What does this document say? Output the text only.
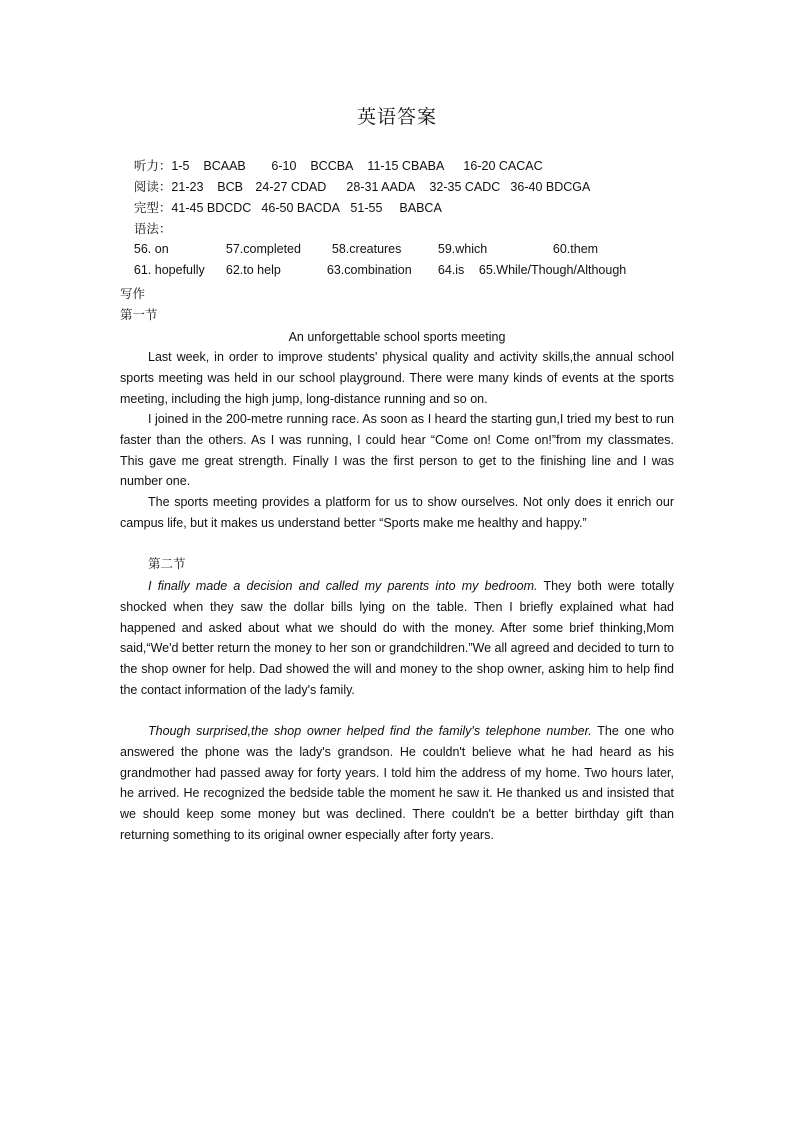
英语答案

听力：1-5    BCAAB 6-10    BCCBA 11-15 CBABA 16-20 CACAC

阅读：21-23    BCB 24-27 CDAD 28-31 AADA 32-35 CADC 36-40 BDCGA

完型：41-45 BDCDC 46-50 BACDA 51-55 BABCA

语法：

56. on	57.completed 58.creatures	59.which	60.them

61. hopefully 62.to help	63.combination 64.is 65.While/Though/Although

写作
第一节
An unforgettable school sports meeting

Last week, in order to improve students' physical quality and activity skills,the annual school sports meeting was held in our school playground. There were many kinds of events at the sports meeting, including the high jump, long-distance running and so on.

I joined in the 200-metre running race. As soon as I heard the starting gun,I tried my best to run faster than the others. As I was running, I could hear “Come on! Come on!”from my classmates. This gave me great strength. Finally I was the first person to get to the finishing line and I was number one.

The sports meeting provides a platform for us to show ourselves. Not only does it enrich our campus life, but it makes us understand better “Sports make me healthy and happy.”

第二节

I finally made a decision and called my parents into my bedroom. They both were totally shocked when they saw the dollar bills lying on the table. Then I briefly explained what had happened and asked about what we should do with the money. After some brief thinking,Mom said,“We'd better return the money to her son or grandchildren.”We all agreed and decided to turn to the shop owner for help. Dad showed the will and money to the shop owner, asking him to help find the contact information of the lady's family.

Though surprised,the shop owner helped find the family's telephone number. The one who answered the phone was the lady's grandson. He couldn't believe what he had heard as his grandmother had passed away for forty years. I told him the address of my home. Two hours later, he arrived. He recognized the bedside table the moment he saw it. He thanked us and insisted that we should keep some money but was declined. There couldn't be a better birthday gift than returning something to its original owner especially after forty years.
